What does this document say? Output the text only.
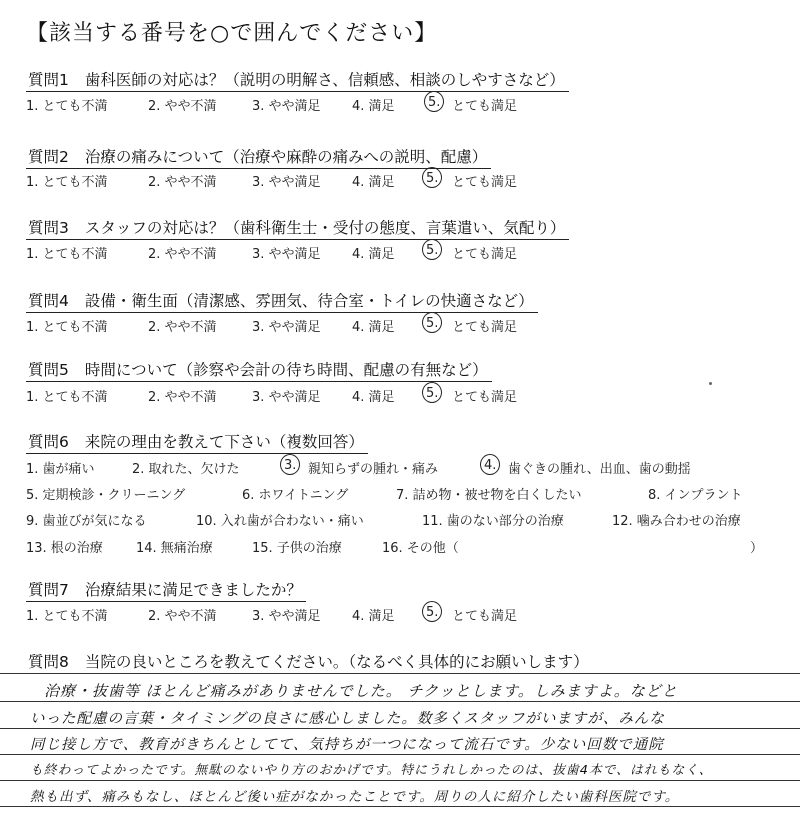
【該当する番号を○で囲んでください】
質問1 歯科医師の対応は？（説明の明解さ、信頼感、相談のしやすさなど）
1. とても不満	2. やや不満	3. やや満足 4. 満足	5. とても満足
質問2 治療の痛みについて（治療や麻酔の痛みへの説明、配慮）
1. とても不満	2. やや不満	3. やや満足 4. 満足 5. とても満足
質問3 スタッフの対応は？（歯科衛生士・受付の態度、言葉遣い、気配り）
1. とても不満	2. やや不満	3. やや満足 4. 満足 5. とても満足
質問4 設備・衛生面（清潔感、雰囲気、待合室・トイレの快適さなど）
1. とても不満	2. やや不満	3. やや満足 4. 満足 5. とても満足
質問5 時間について（診察や会計の待ち時間、配慮の有無など）
1. とても不満	2. やや不満	3. やや満足 4. 満足 5. とても満足
質問6 来院の理由を教えて下さい（複数回答）
1. 歯が痛い	2. 取れた、欠けた	3. 親知らずの腫れ・痛み	4. 歯ぐきの腫れ、出血、歯の動揺
5. 定期検診・クリーニング	6. ホワイトニング	7. 詰め物・被せ物を白くしたい	8. インプラント
9. 歯並びが気になる	10. 入れ歯が合わない・痛い	11. 歯のない部分の治療	12. 噛み合わせの治療
13. 根の治療	14. 無痛治療	15. 子供の治療	16. その他（	）
質問7 治療結果に満足できましたか？
1. とても不満	2. やや不満	3. やや満足 4. 満足 5. とても満足
質問8 当院の良いところを教えてください。（なるべく具体的にお願いします）
治療・抜歯等 ほとんど痛みがありませんでした。 チクッとします。しみますよ。などと
いった配慮の言葉・タイミングの良さに感心しました。数多くスタッフがいますが、みんな
同じ接し方で、教育がきちんとしてて、気持ちが一つになって流石です。少ない回数で通院
も終わってよかったです。無駄のないやり方のおかげです。特にうれしかったのは、抜歯4本で、はれもなく、
熱も出ず、痛みもなし、ほとんど後い症がなかったことです。周りの人に紹介したい歯科医院です。
